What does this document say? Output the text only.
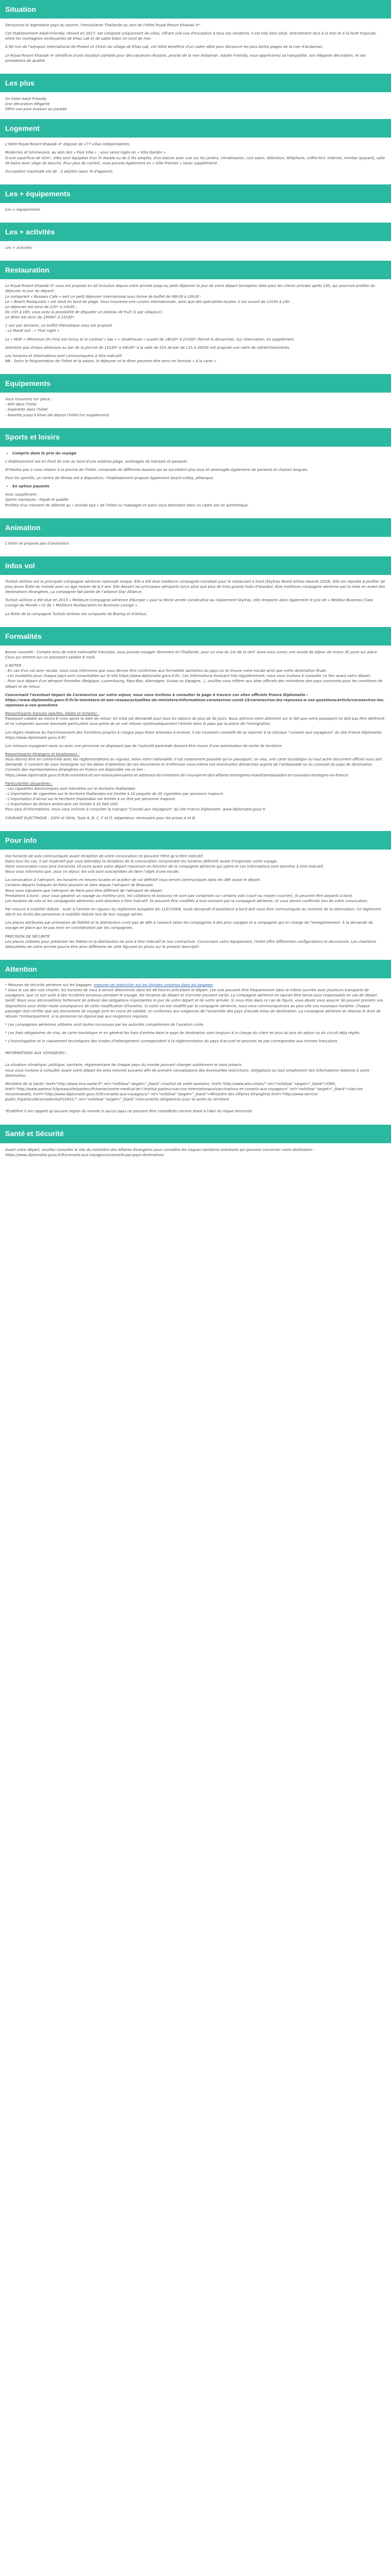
Situation

Découvrez le légendaire pays du sourire, l'envoûtante Thaïlande au sein de l'Hôtel Royal Resort Khaolak 4*.

Cet établissement Adult-Friendly, rénové en 2017, est composé uniquement de villas, offrant une vue d'exception à tous ses résidents. Il est très bien situé, directement face à la mer et à la forêt tropicale, entre les montagnes verdoyantes de Khao Lak et de sable blanc en bord de mer.

À 90 min de l'aéroport international de Phuket et 15min du village de Khao Lak, cet hôtel bénéficie d'un cadre idéal pour découvrir les plus belles plages de la mer d'Andaman.

Le Royal Resort Khaolak 4* bénéficie d'une situation parfaite pour des vacances réussies, proche de la mer Andaman. Adulte Friendly, vous apprécierez sa tranquillité, son élégante décoration, et ses prestations de qualité.

Les plus

Un hôtel Adult Friendly

Une décoration élégante

Offre une pure évasion au paradis

Logement

L'hôtel Royal Resort Khaolak 4* dispose de 177 villas indépendantes.

Modernes et lumineuses, au sein des « Pool Villa » , vous serez logés en « Villa Garden »

D'une superficie de 42m², elles sont équipées d'un lit double ou de 2 lits simples, d'un balcon avec vue sur les jardins, climatisation, coin salon, télévision, téléphone, coffre-fort, internet, minibar (payant), salle de bains avec siège de douche. Pour plus de confort, vous pouvez également en « Villa Premier » (avec supplément).

Occupation maximale est de : 3 adultes (avec lit d'appoint).

Les + équipements

Les + équipements

Les + activités

Les + activités

Restauration

Le Royal Resort Khaolak 4* vous est proposé en All Inclusive depuis votre arrivée jusqu'au petit déjeuner le jour de votre départ (exception faite pour les clients arrivant après 15h, qui pourront profiter du déjeuner le jour du départ) :

Le restaurant « Bussaro Cafe » sert un petit déjeuner international sous forme de buffet de 06h30 à 10h30 :

Le « Beach Restaurant » est situé en bord de plage. Vous trouverez une cuisine internationale, ainsi que des spécialités locales. Il est ouvert de 11h30 à 23h.

Le déjeuner est servi de 12h* à 14h30 ;

De 15h à 16h, vous avez la possibilité de déguster un plateau de fruit (1 par villa/jour) ;

Le dîner est servi de 19h00* à 21h30*.

1 soir par semaine, un buffet thématique vous est proposé

- Le Mardi soir : « Thai night »

Le « MOP » (Minimum On Fire) est inclus et le cocktail « bar » « steakhouse » ouvert de 18h30* à 21h30* (fermé le dimanche). Sur réservation, en supplément.

Attention pas d'eaux sérieuses au bar de la piscine de 11h30* à 18h30* à la salle de 21h de bar de 11h à 20h30 ont proposé une carte de rafraîchissements.

Les horaires et informations sont communiquées à titre indicatif.

NB : Selon le fréquentation de l'hôtel et la saison, le déjeuner et le dîner peuvent être servi en formule « à la carte ».

Equipements

Vous trouverez sur place :

- Wifi dans l'hôtel

- Superette dans l'hôtel

- Navette jusqu'à Khao lak depuis l'hôtel (en supplément)

Sports et loisirs
• Compris dans le prix du voyage

L'établissement est en front de mer au bord d'une sublime plage, aménagée de transats et parasols.

N'hésitez pas à vous relaxer à la piscine de l'hôtel, composée de différents bassins qui se succèdent plus tous et aménagée également de parasols et chaises longues.

Pour les sportifs, un centre de fitness est à disposition, l'établissement propose également beach-volley, pétanque.

• En option payante

Avec supplément :

Sports nautiques : Kayak et paddle.

Profitez d'un moment de détente au « Koinda Spa » de l'hôtel ou massages et soins vous attendent dans un cadre zen et authentique.

Animation

L'hôtel ne propose pas d'animation.

Infos vol

Turkish Airlines est la principale compagnie aérienne nationale turque. Elle a été élue meilleure compagnie mondiale pour le restaurant à bord (Skytrax World Airline Awards 2018). Elle est réputée à profiter de plus jeune flotte du monde avec un âge moyen de 6,3 ans. Elle dessert les principaux aéroports turcs ainsi que plus de trois grands hubs d'Istanbul, élue meilleure compagnie aérienne par la mise en avant des destinations étrangères, La compagnie fait partie de l'alliance Star Alliance.

Turkish Airlines a été élue en 2015 « Meilleure Compagnie Aérienne d'Europe » pour la 5ème année consécutive au classement Skytrax, elle remporte alors également le prix de « Meilleur Business Class Lounge du Monde » et de « Meilleure Restauration en Business Lounge ».

La flotte de la compagnie Turkish Airlines est composée de Boeing et d'Airbus.

Formalités

Bonne nouvelle : Compte tenu de votre nationalité française, vous pouvez voyager librement en Thaïlande, pour un visa du 1er de la tarif. Avez vous connu une année de séjour de moins 30 jours sur place. Ceux qui entrent sur un passeport valable 6 mois.

A NOTER :

- En cas d'un vol avec escale, nous vous informons que vous devrez être conformes aux formalités sanitaires du pays où se trouve votre escale ainsi que votre destination finale.

- Les modalités pour chaque pays sont consultables sur le site https://www.diplomatie.gouv.fr/fr/. Ces informations évoluant très régulièrement, nous vous invitons à consulter ce lien avant votre départ.

- Pour tout départ d'un aéroport frontalier (Belgique, Luxembourg, Pays-Bas, Allemagne, Suisse ou Espagne...), veuillez vous référer aux sites officiels des ministères des pays concernés pour les conditions de départ et de retour.

Concernant l'éventuel impact du Coronavirus sur votre séjour, nous vous invitons à consulter la page à travers ces sites officiels France Diplomatie :

https://www.diplomatie.gouv.fr/fr/le-ministere-et-son-reseau/actualites-du-ministere/informations-coronavirus-covid-19/coronavirus-les-reponses-a-vos-questions/article/coronavirus-les-reponses-a-vos-questions

Ressortissants français (adultes, bébés et enfants) :

Passeport valable au moins 6 mois après la date de retour. Un VISA est demandé pour tous les séjours de plus de 30 jours. Nous attirons votre attention sur le fait que votre passeport ne doit pas être détérioré et ne comporter aucune anomalie particulière sous peine de se voir refuser systématiquement l'entrée dans le pays par la police de l'immigration.

Les règles relatives au franchissement des frontières propres à chaque pays étant amenées à évoluer, il est vivement conseillé de se reporter à la rubrique "conseils aux voyageurs" du site France Diplomatie,

https://www.diplomatie.gouv.fr/fr/

Les mineurs voyageant seuls ou avec une personne ne disposant pas de l'autorité parentale doivent être munis d'une autorisation de sortie de territoire.

Ressortissants étrangers et binationaux :

Vous devrez être en conformité avec les réglementations en vigueur, selon votre nationalité. Il est notamment possible qu'un passeport, un visa, une carte touristique ou tout autre document officiel vous soit demandé. Il convient de vous renseigner sur les délais d'obtention de ces documents et d'effectuer vous-même vos éventuelles démarches auprès de l'ambassade ou du consulat du pays de destination.

Conseils des représentations étrangères en France est disponible via ce lien :

https://www.diplomatie.gouv.fr/fr/le-ministere-et-son-reseau/annuaires-et-adresses-du-ministere-de-l-europe-et-des-affaires-etrangeres-maedi/ambassades-et-consulats-etrangers-en-france/

Particularités douanières :

- Les cigarettes électroniques sont interdites sur le territoire thaïlandais

- L'importation de cigarettes sur le territoire thaïlandais est limitée à 10 paquets de 20 cigarettes par personne majeure.

- L'importation d'alcool sur le territoire thaïlandais est limitée à un litre par personne majeure.

- L'importation de dollars américains est limitée à 20 000 USD.

Pour plus d'informations, nous vous invitons à consulter la rubrique "Conseil aux Voyageurs" du site France Diplomatie :www.diplomatie.gouv.fr

COURANT ELECTRIQUE : 220V et 50Hz. Type A, B, C, F et O. Adaptateur nécessaire pour les prises A et B.

Pour info

Vos horaires de vols communiqués avant réception de votre convocation ne peuvent l'être qu'à titre indicatif.

Dans tous les cas, il est impératif que vous attendiez la réception de la convocation comprenant les horaires définitifs avant d'organiser votre voyage.

Votre convocation vous sera transmise 10 jours avant votre départ maximum en fonction de la compagnie aérienne qui opère et ces informations sont données à titre indicatif.

Nous vous informons que, pour ce séjour, les vols sont susceptibles de faire l'objet d'une escale.

La convocation à l'aéroport, les horaires en heures locales et la pièce de vol définitif vous seront communiqués dans les 48h avant le départ.

Certains départs indiqués de Paris peuvent se faire depuis l'aéroport de Beauvais.

Nous vous signalons que l'aéroport de Paris peut être différent de l'aéroport de départ.

Prestations à bord : pour vous garantir un voyage au meilleur prix, les collations et boissons ne sont pas comprises sur certains vols (court ou moyen courrier), ils peuvent être payants à bord.

Les horaires de vols et les compagnies aériennes sont données à titre indicatif. Ils peuvent être modifiés à tout moment par la compagnie aérienne, et vous seront confirmés lors de votre convocation.

Par mesure à mobilité réduite : suite à l'entrée en vigueur du règlement européen EU 1107/2006, toute demande d'assistance à bord doit nous être communiquée au moment de la réservation. Ce règlement décrit les droits des personnes à mobilité réduite lors de leur voyage aérien.

Les places attribuées par préstation de fidélité et la distribution n'ont pas de 48h à l'avance selon les compagnies à des pros voyages et a compagnie qui en charge de l'enregistrement. À la demande de voyage en place qui ne pas tenir en considération par les compagnies.

PRÉCISION DE SÉCURITÉ

Les places utilisées pour présenter les fidèles et la distribution ne sont à titre indicatif et non contractuel. Concernant votre équipement, l'hôtel offre différentes configurations et documents. Les chambres dédoublées de votre arrivée pourra être ainsi différente de celle figurant en photo sur le présent descriptif.

Attention

* Mesures de sécurité aérienne sur les bagages: mesures de restriction sur les liquides contenus dans les bagages

* Dans le cas des vols charter, les horaires de vous à seront déterminés dans les 48 heures précédant le départ. Les vols peuvent être fréquemment dans la même journée avec plusieurs transports de voyageurs; que ce soit suite à des incidents survenus pendant le voyage, les horaires de départ et d'arrivée peuvent varier. La compagnie aérienne ne saurait être tenue pour responsable en cas de départ tardif. Nous vous déconseillons fortement de prévoir des obligations importantes le jour de votre départ et de votre arrivée. Si vous êtes dans ce cas de figure, vous devez vous assurer de pouvoir prendre vos dispositions pour éviter toute conséquence de cette modification d'horaires. Si votre vol est modifié par la compagnie aérienne, nous vous communiquerons au plus vite vos nouveaux horaires. Chaque passager doit vérifier que ses documents de voyage sont en cours de validité, et conformes aux exigences de l'ensemble des pays d'escale et/ou de destination. La compagnie aérienne se réserve le droit de refuser l'embarquement, si la personne ne répond pas aux exigences requises.

* Les compagnies aériennes utilisées sont toutes reconnues par les autorités compétentes de l'aviation civile.

* Les frais obligatoires de visa, de carte touristique et en général les frais d'entrée dans le pays de destination sont toujours à la charge du client en plus du prix du séjour ou du circuit déjà réglés.

* L'homologation et le classement touristiques des modes d'hébergement correspondent à la réglementation du pays d'accueil et peuvent ne pas correspondre aux normes françaises.

INFORMATIONS AUX VOYAGEURS :

La situation climatique, politique, sanitaire, réglementaire de chaque pays du monde pouvant changer subitement et sans préavis

nous vous invitons à consulter avant votre départ les sites internet suivants afin de prendre connaissance des éventuelles restrictions, obligations ou tout simplement des informations relatives à votre destination.

Ministère de la Santé: href="http://www.invs.sante.fr" rel="nofollow" target="_blank">Institut de veille sanitaire, href="http://www.who.int/en/" rel="nofollow" target="_blank">OMS, href="http://www.pasteur.fr/ip/easysite/pasteur/fr/sante/centre-medical-de-l-institut-pasteur/vaccins-internationaux/vaccinations-et-conseils-aux-voyageurs" rel="nofollow" target="_blank">Vaccins recommandés, href="http://www.diplomatie.gouv.fr/fr/conseils-aux-voyageurs/" rel="nofollow" target="_blank">Ministère des Affaires Etrangères href="http://www.service-public.fr/particuliers/vosdroits/F32631?" rel="nofollow" target="_blank">Documents obligatoires pour la sortie du territoire.

*Endéfinir il est rappelé qu'aucune région du monde ni aucun pays ne peuvent être considérés comme étant à l'abri du risque terroriste.

Santé et Sécurité

Avant votre départ, veuillez consulter le site du ministère des Affaires étrangères pour connaître les risques sanitaires éventuels qui peuvent concerner votre destination : https://www.diplomatie.gouv.fr/fr/conseils-aux-voyageurs/conseils-par-pays-destination/
